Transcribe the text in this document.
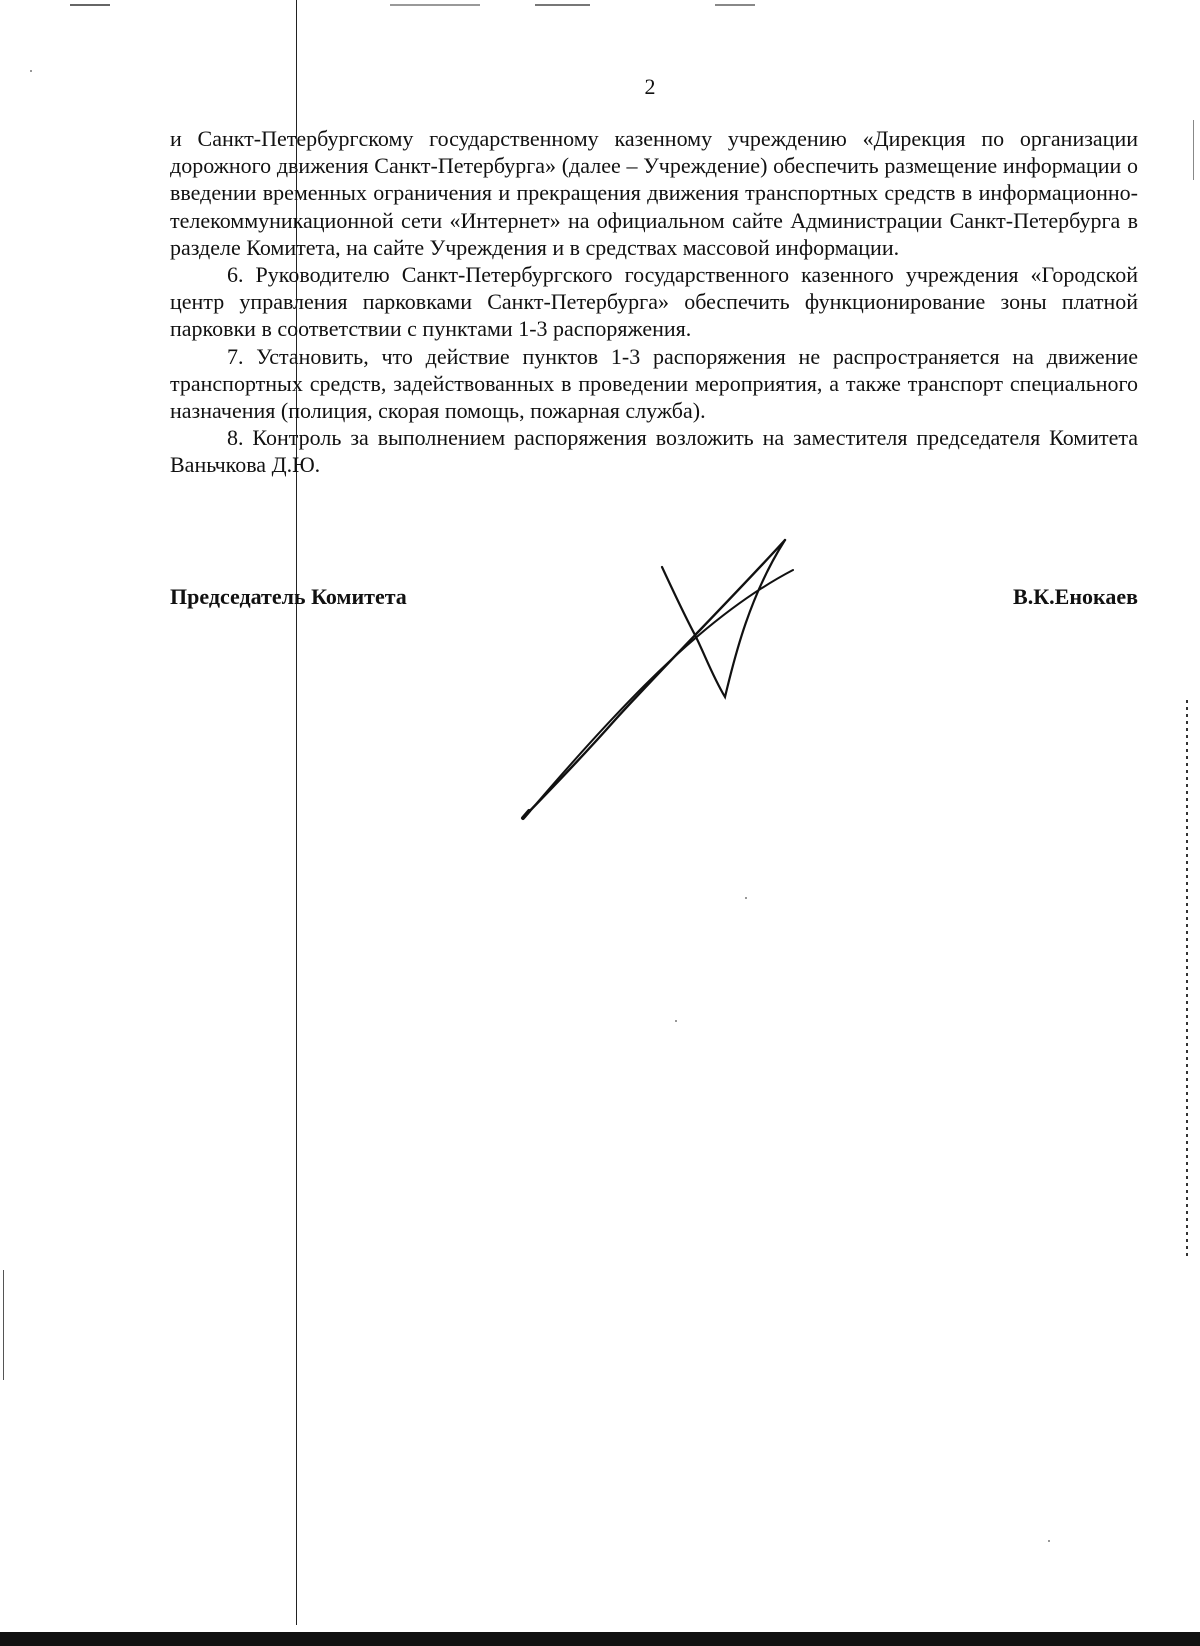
2

и Санкт-Петербургскому государственному казенному учреждению «Дирекция по организации дорожного движения Санкт-Петербурга» (далее – Учреждение) обеспечить размещение информации о введении временных ограничения и прекращения движения транспортных средств в информационно-телекоммуникационной сети «Интернет» на официальном сайте Администрации Санкт-Петербурга в разделе Комитета, на сайте Учреждения и в средствах массовой информации.

6. Руководителю Санкт-Петербургского государственного казенного учреждения «Городской центр управления парковками Санкт-Петербурга» обеспечить функционирование зоны платной парковки в соответствии с пунктами 1-3 распоряжения.

7. Установить, что действие пунктов 1-3 распоряжения не распространяется на движение транспортных средств, задействованных в проведении мероприятия, а также транспорт специального назначения (полиция, скорая помощь, пожарная служба).

8. Контроль за выполнением распоряжения возложить на заместителя председателя Комитета Ваньчкова Д.Ю.

Председатель Комитета	В.К.Енокаев
